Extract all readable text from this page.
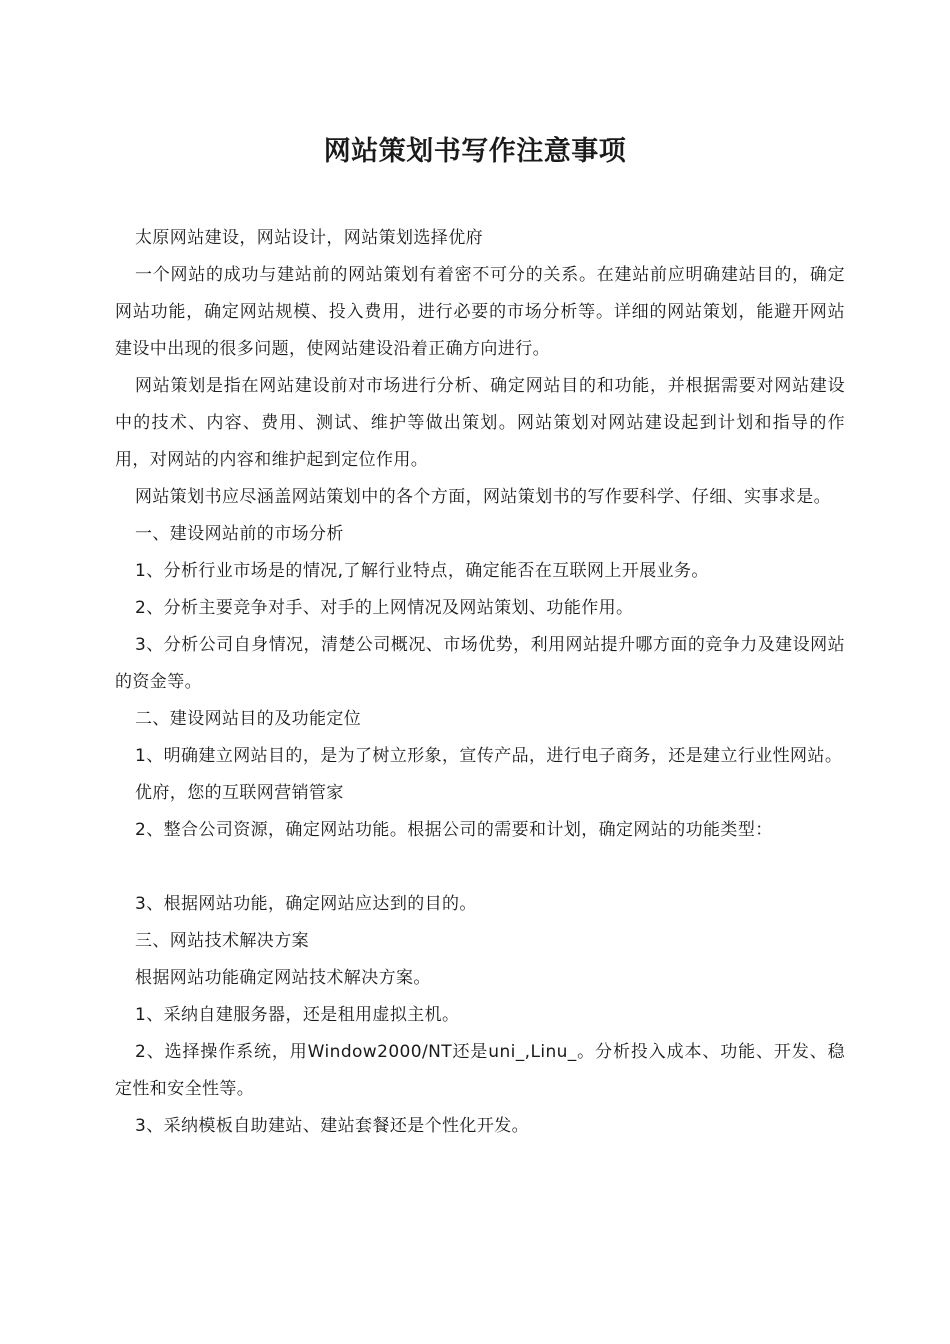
网站策划书写作注意事项

太原网站建设，网站设计，网站策划选择优府

一个网站的成功与建站前的网站策划有着密不可分的关系。在建站前应明确建站目的，确定网站功能，确定网站规模、投入费用，进行必要的市场分析等。详细的网站策划，能避开网站建设中出现的很多问题，使网站建设沿着正确方向进行。

网站策划是指在网站建设前对市场进行分析、确定网站目的和功能，并根据需要对网站建设中的技术、内容、费用、测试、维护等做出策划。网站策划对网站建设起到计划和指导的作用，对网站的内容和维护起到定位作用。

网站策划书应尽涵盖网站策划中的各个方面，网站策划书的写作要科学、仔细、实事求是。

一、建设网站前的市场分析

1、分析行业市场是的情况,了解行业特点，确定能否在互联网上开展业务。

2、分析主要竞争对手、对手的上网情况及网站策划、功能作用。

3、分析公司自身情况，清楚公司概况、市场优势，利用网站提升哪方面的竞争力及建设网站的资金等。

二、建设网站目的及功能定位

1、明确建立网站目的，是为了树立形象，宣传产品，进行电子商务，还是建立行业性网站。

优府，您的互联网营销管家

2、整合公司资源，确定网站功能。根据公司的需要和计划，确定网站的功能类型：

3、根据网站功能，确定网站应达到的目的。

三、网站技术解决方案

根据网站功能确定网站技术解决方案。

1、采纳自建服务器，还是租用虚拟主机。

2、选择操作系统，用Window2000/NT还是uni_,Linu_。分析投入成本、功能、开发、稳定性和安全性等。

3、采纳模板自助建站、建站套餐还是个性化开发。
